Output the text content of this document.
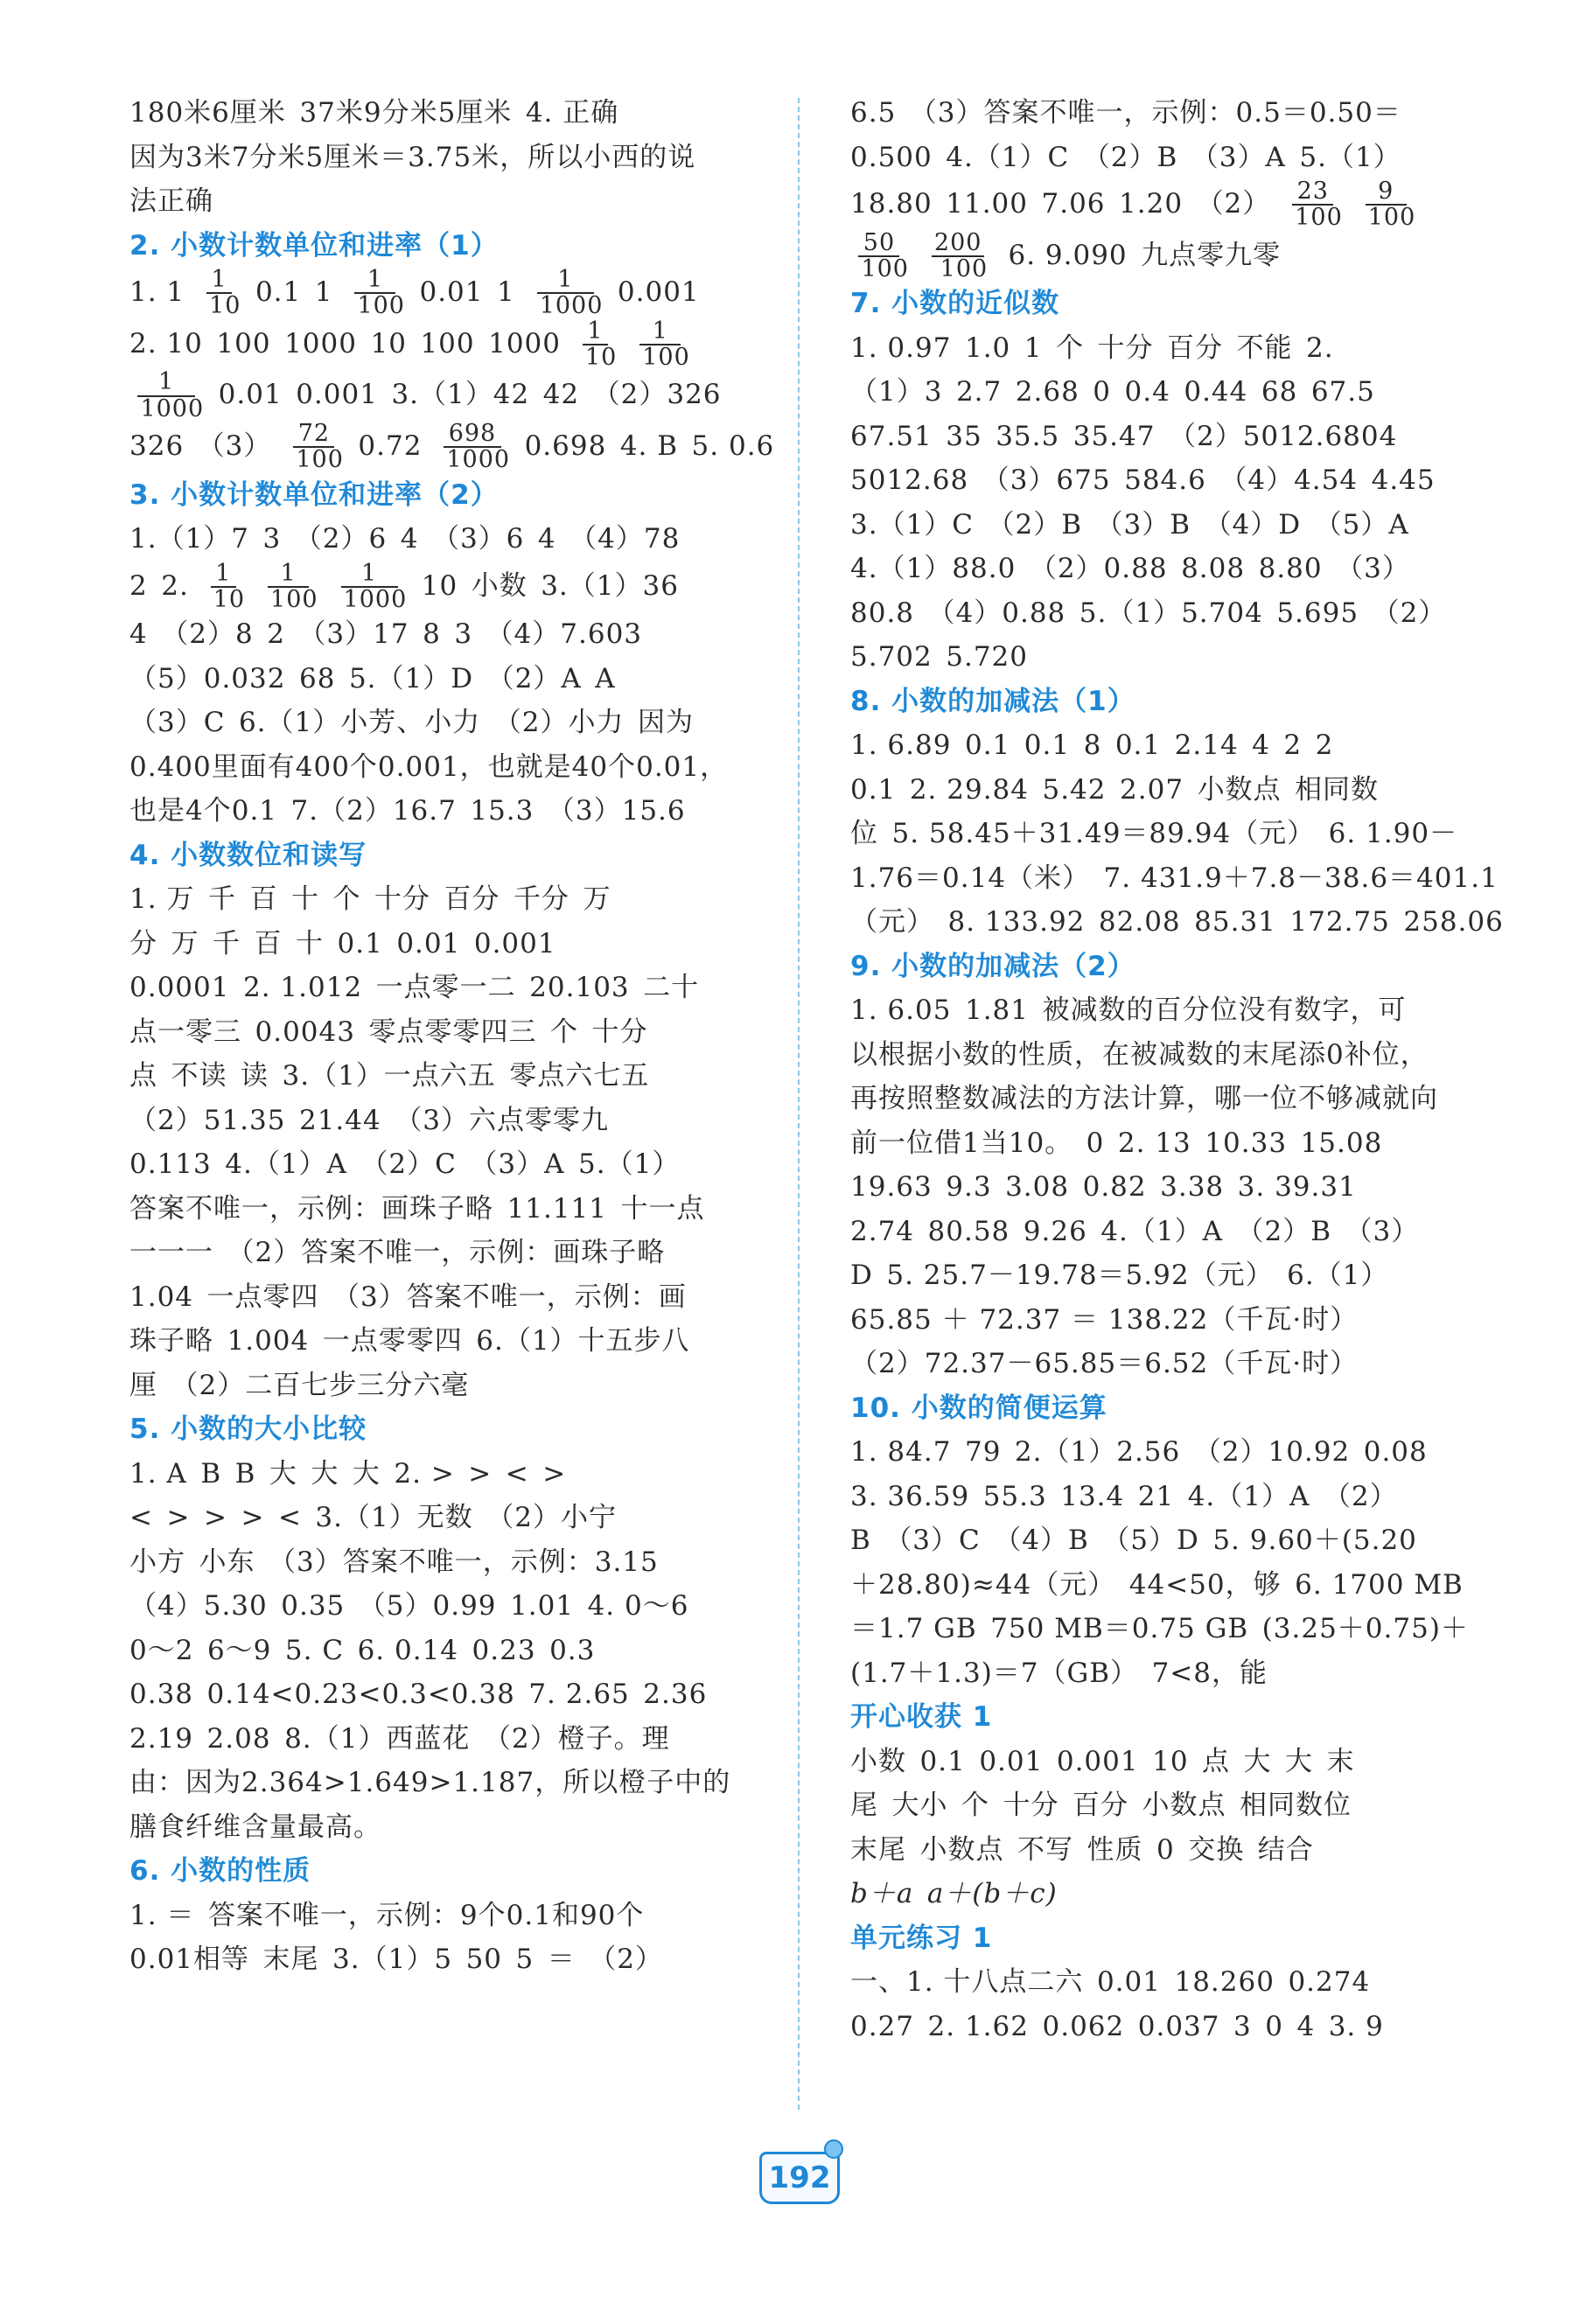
180米6厘米 37米9分米5厘米 4. 正确
因为3米7分米5厘米＝3.75米，所以小西的说
法正确
2. 小数计数单位和进率（1）
1. $1 \frac{1}{10} 0.1$ $1 \frac{1}{100} 0.01$ $1 \frac{1}{1000} 0.001$
2. 10 100 1000 10 100 $1000 \frac{1}{10} \frac{1}{100}$
$\frac{1}{1000} 0.01$ 0.001 3.（1）42 42 （2）326
326 $(3) \frac{72}{100} 0.72 \frac{698}{1000} 0.698$ 4. B 5. 0.6
3. 小数计数单位和进率（2）
1.（1）7 3 （2）6 4 （3）6 4 （4）78
2 2. $\frac{1}{10} \frac{1}{100} \frac{1}{1000} 10$ 小数 3.（1）36
4 （2）8 2 （3）17 8 3 （4）7.603
（5）0.032 68 5.（1）D （2）A A
（3）C 6.（1）小芳、小力 （2）小力 因为
0.400里面有400个0.001，也就是40个0.01，
也是4个0.1 7.（2）16.7 15.3 （3）15.6
4. 小数数位和读写
1. 万 千 百 十 个 十分 百分 千分 万
分 万 千 百 十 0.1 0.01 0.001
0.0001 2. 1.012 一点零一二 20.103 二十
点一零三 0.0043 零点零零四三 个 十分
点 不读 读 3.（1）一点六五 零点六七五
（2）51.35 21.44 （3）六点零零九
0.113 4.（1）A （2）C （3）A 5.（1）
答案不唯一，示例：画珠子略 11.111 十一点
一一一 （2）答案不唯一，示例：画珠子略
1.04 一点零四 （3）答案不唯一，示例：画
珠子略 1.004 一点零零四 6.（1）十五步八
厘 （2）二百七步三分六毫
5. 小数的大小比较
1. A B B 大 大 大 2. > > < >
< > > > < 3.（1）无数 （2）小宁
小方 小东 （3）答案不唯一，示例：3.15
（4）5.30 0.35 （5）0.99 1.01 4. 0～6
0～2 6～9 5. C 6. 0.14 0.23 0.3
0.38 0.14<0.23<0.3<0.38 7. 2.65 2.36
2.19 2.08 8.（1）西蓝花 （2）橙子。理
由：因为2.364>1.649>1.187，所以橙子中的
膳食纤维含量最高。
6. 小数的性质
1. ＝ 答案不唯一，示例：9个0.1和90个
0.01相等 末尾 3.（1）5 50 5 ＝ （2）
6.5 （3）答案不唯一，示例：0.5＝0.50＝
0.500 4.（1）C （2）B （3）A 5.（1）
18.80 11.00 7.06 1.20 $(2) \frac{23}{100} \frac{9}{100}$
$\frac{50}{100} \frac{200}{100} 6$. 9.090 九点零九零
7. 小数的近似数
1. 0.97 1.0 1 个 十分 百分 不能 2.
（1）3 2.7 2.68 0 0.4 0.44 68 67.5
67.51 35 35.5 35.47 （2）5012.6804
5012.68 （3）675 584.6 （4）4.54 4.45
3.（1）C （2）B （3）B （4）D （5）A
4.（1）88.0 （2）0.88 8.08 8.80 （3）
80.8 （4）0.88 5.（1）5.704 5.695 （2）
5.702 5.720
8. 小数的加减法（1）
1. 6.89 0.1 0.1 8 0.1 2.14 4 2 2
0.1 2. 29.84 5.42 2.07 小数点 相同数
位 5. 58.45＋31.49＝89.94（元） 6. 1.90－
1.76＝0.14（米） 7. 431.9＋7.8－38.6＝401.1
（元） 8. 133.92 82.08 85.31 172.75 258.06
9. 小数的加减法（2）
1. 6.05 1.81 被减数的百分位没有数字，可
以根据小数的性质，在被减数的末尾添0补位，
再按照整数减法的方法计算，哪一位不够减就向
前一位借1当10。 0 2. 13 10.33 15.08
19.63 9.3 3.08 0.82 3.38 3. 39.31
2.74 80.58 9.26 4.（1）A （2）B （3）
D 5. 25.7－19.78＝5.92（元） 6.（1）
65.85 ＋ 72.37 ＝ 138.22（千瓦·时）
（2）72.37－65.85＝6.52（千瓦·时）
10. 小数的简便运算
1. 84.7 79 2.（1）2.56 （2）10.92 0.08
3. 36.59 55.3 13.4 21 4.（1）A （2）
B （3）C （4）B （5）D 5. 9.60＋(5.20
＋28.80)≈44（元） 44<50，够 6. 1700 MB
＝1.7 GB 750 MB＝0.75 GB (3.25＋0.75)＋
(1.7＋1.3)＝7（GB） 7<8，能
开心收获 1
小数 0.1 0.01 0.001 10 点 大 大 末
尾 大小 个 十分 百分 小数点 相同数位
末尾 小数点 不写 性质 0 交换 结合
b＋a a＋(b＋c)
单元练习 1
一、1. 十八点二六 0.01 18.260 0.274
0.27 2. 1.62 0.062 0.037 3 0 4 3. 9
192
